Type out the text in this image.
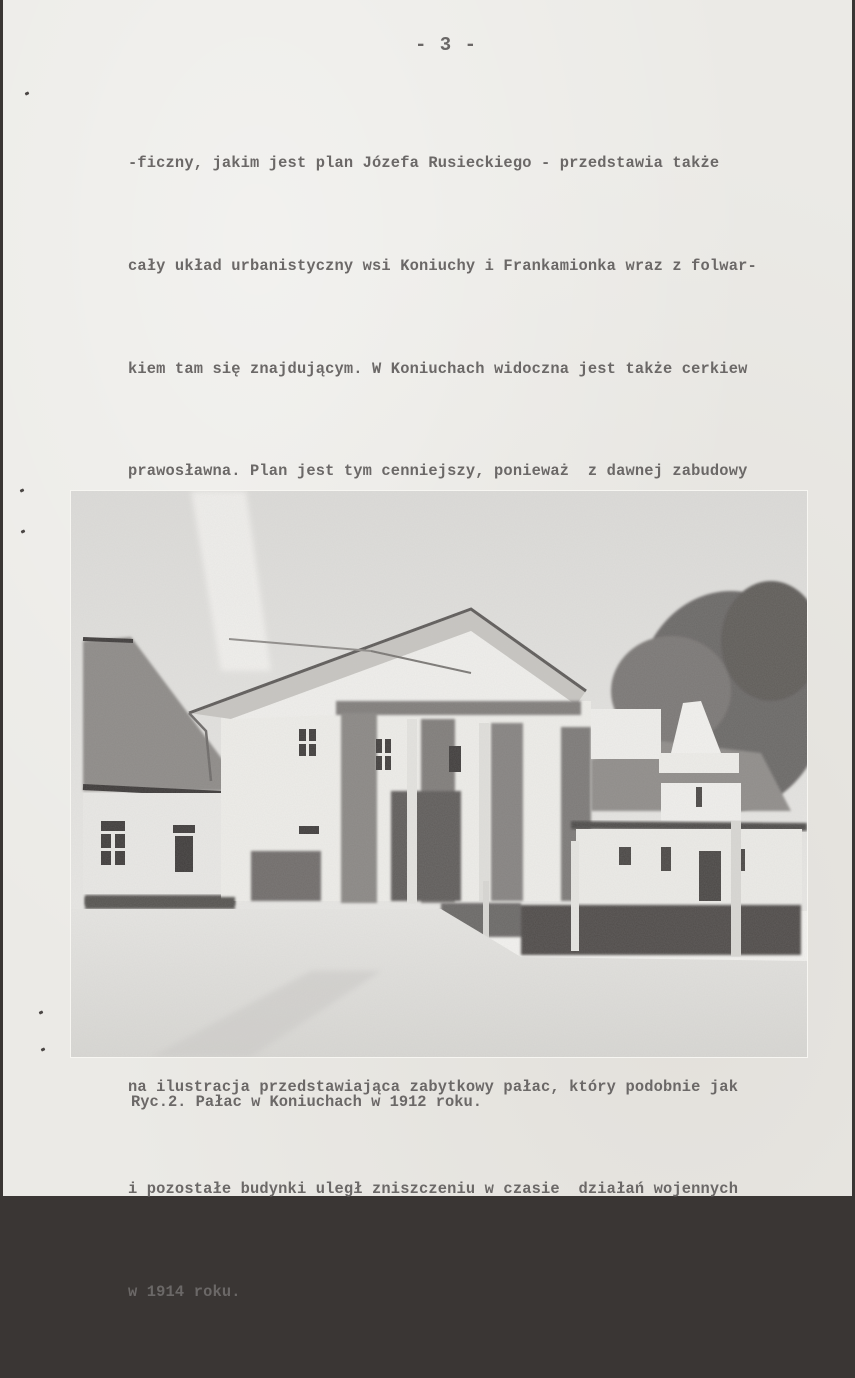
- 3 -

-ficzny, jakim jest plan Józefa Rusieckiego - przedstawia także

cały układ urbanistyczny wsi Koniuchy i Frankamionka wraz z folwar-

kiem tam się znajdującym. W Koniuchach widoczna jest także cerkiew

prawosławna. Plan jest tym cenniejszy, ponieważ  z dawnej zabudowy

na ilustracja przedstawiająca zabytkowy pałac, który podobnie jak

i pozostałe budynki uległ zniszczeniu w czasie  działań wojennych

w 1914 roku.

Ryc.2. Pałac w Koniuchach w 1912 roku.
